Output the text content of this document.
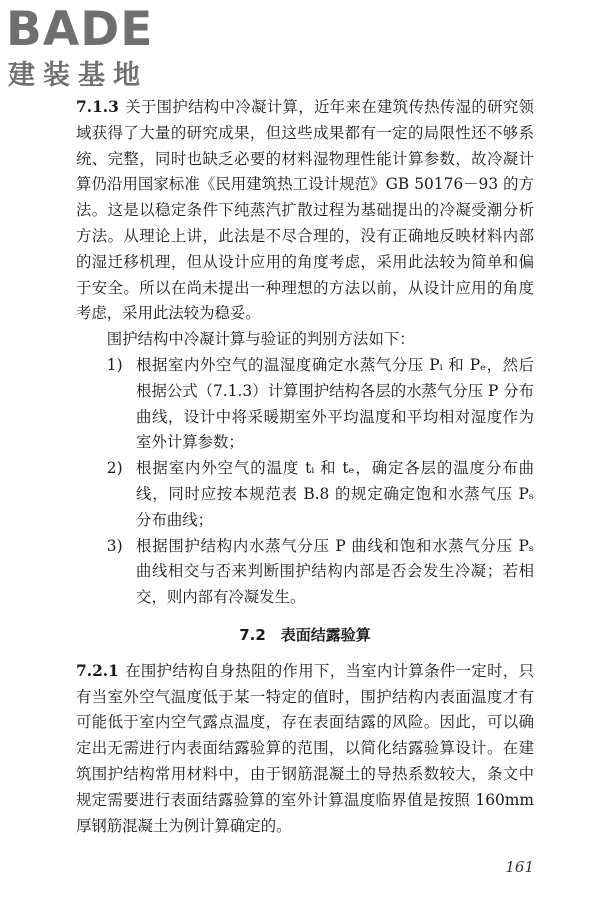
BADE
建装基地

7.1.3 关于围护结构中冷凝计算，近年来在建筑传热传湿的研究领域获得了大量的研究成果，但这些成果都有一定的局限性还不够系统、完整，同时也缺乏必要的材料湿物理性能计算参数，故冷凝计算仍沿用国家标准《民用建筑热工设计规范》GB 50176－93 的方法。这是以稳定条件下纯蒸汽扩散过程为基础提出的冷凝受潮分析方法。从理论上讲，此法是不尽合理的，没有正确地反映材料内部的湿迁移机理，但从设计应用的角度考虑，采用此法较为简单和偏于安全。所以在尚未提出一种理想的方法以前，从设计应用的角度考虑，采用此法较为稳妥。

围护结构中冷凝计算与验证的判别方法如下：

1) 根据室内外空气的温湿度确定水蒸气分压 Pᵢ 和 Pₑ，然后根据公式（7.1.3）计算围护结构各层的水蒸气分压 P 分布曲线，设计中将采暖期室外平均温度和平均相对湿度作为室外计算参数；
2) 根据室内外空气的温度 tᵢ 和 tₑ，确定各层的温度分布曲线，同时应按本规范表 B.8 的规定确定饱和水蒸气压 Pₛ 分布曲线；
3) 根据围护结构内水蒸气分压 P 曲线和饱和水蒸气分压 Pₛ 曲线相交与否来判断围护结构内部是否会发生冷凝；若相交，则内部有冷凝发生。
7.2　表面结露验算

7.2.1 在围护结构自身热阻的作用下，当室内计算条件一定时，只有当室外空气温度低于某一特定的值时，围护结构内表面温度才有可能低于室内空气露点温度，存在表面结露的风险。因此，可以确定出无需进行内表面结露验算的范围，以简化结露验算设计。在建筑围护结构常用材料中，由于钢筋混凝土的导热系数较大，条文中规定需要进行表面结露验算的室外计算温度临界值是按照 160mm 厚钢筋混凝土为例计算确定的。

161
